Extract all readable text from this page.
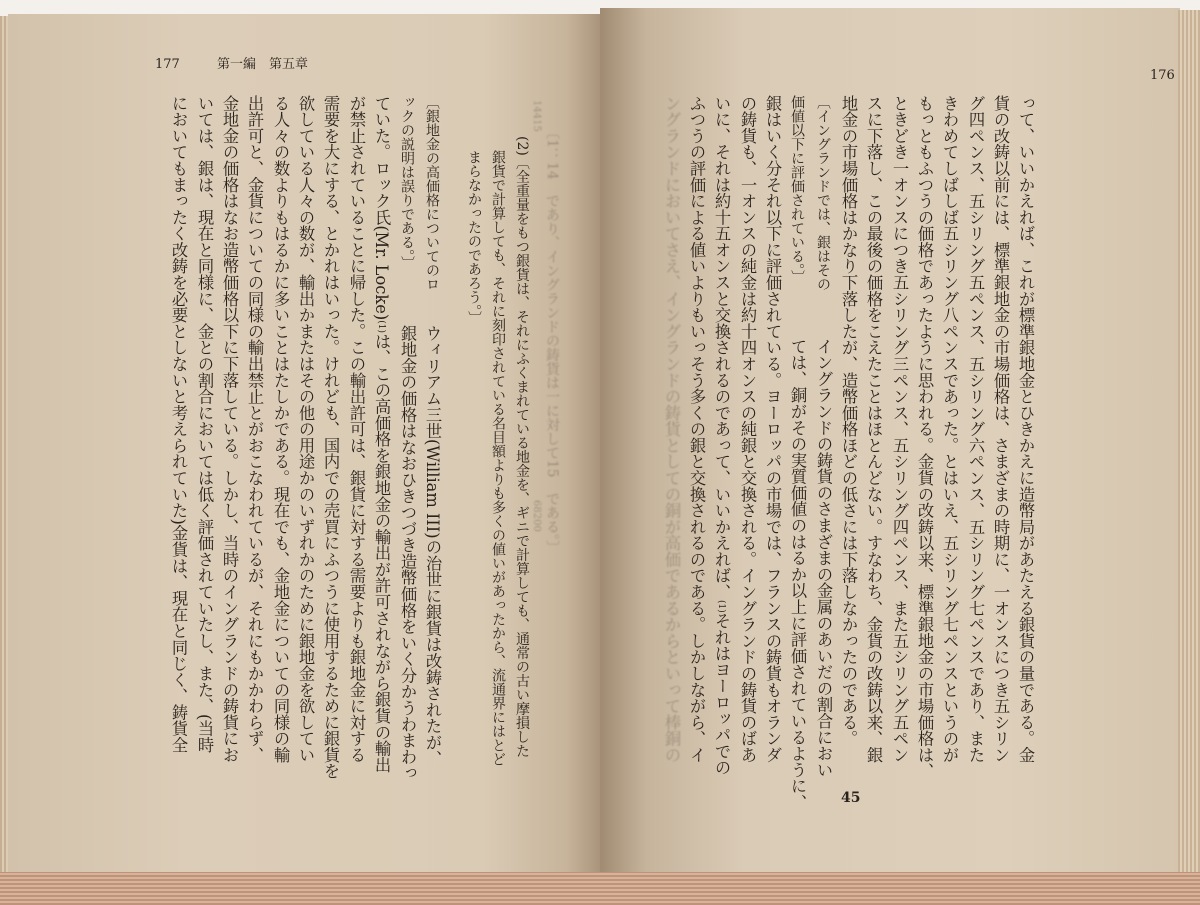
177	第一編　第五章
〔1：14　であり、イングランドの鋳貨は一に対して15　である。〕
14415
68200
(2)〔全重量をもつ銀貨は、それにふくまれている地金を、ギニで計算しても、通常の古い摩損した
銀貨で計算しても、それに刻印されている名目額よりも多くの値いがあったから、流通界にはとど
まらなかったのであろう。〕
〔銀地金の高価格についてのロ
ウィリアム三世(William III)の治世に銀貨は改鋳されたが、
ックの説明は誤りである。〕
銀地金の価格はなおひきつづき造幣価格をいく分かうわまわっ
ていた。ロック氏(Mr. Locke)(1)は、この高価格を銀地金の輸出が許可されながら銀貨の輸出
が禁止されていることに帰した。この輸出許可は、銀貨に対する需要よりも銀地金に対する
需要を大にする、とかれはいった。けれども、国内での売買にふつうに使用するために銀貨を
欲している人々の数が、輸出かまたはその他の用途かのいずれかのために銀地金を欲してい
る人々の数よりもはるかに多いことはたしかである。現在でも、金地金についての同様の輸
出許可と、金貨についての同様の輸出禁止とがおこなわれているが、それにもかかわらず、
金地金の価格はなお造幣価格以下に下落している。しかし、当時のイングランドの鋳貨にお
いては、銀は、現在と同様に、金との割合においては低く評価されていたし、また、(当時
においてもまったく改鋳を必要としないと考えられていた)金貨は、現在と同じく、鋳貨全
176
45
って、いいかえれば、これが標準銀地金とひきかえに造幣局があたえる銀貨の量である。金
貨の改鋳以前には、標準銀地金の市場価格は、さまざまの時期に、一オンスにつき五シリン
グ四ペンス、五シリング五ペンス、五シリング六ペンス、五シリング七ペンスであり、また
きわめてしばしば五シリング八ペンスであった。とはいえ、五シリング七ペンスというのが
もっともふつうの価格であったように思われる。金貨の改鋳以来、標準銀地金の市場価格は、
ときどき一オンスにつき五シリング三ペンス、五シリング四ペンス、また五シリング五ペン
スに下落し、この最後の価格をこえたことはほとんどない。すなわち、金貨の改鋳以来、銀
地金の市場価格はかなり下落したが、造幣価格ほどの低さには下落しなかったのである。
〔イングランドでは、銀はその
イングランドの鋳貨のさまざまの金属のあいだの割合におい
価値以下に評価されている。〕
ては、銅がその実質価値のはるか以上に評価されているように、
銀はいく分それ以下に評価されている。ヨーロッパの市場では、フランスの鋳貨もオランダ
の鋳貨も、一オンスの純金は約十四オンスの純銀と交換される。イングランドの鋳貨のばあ
いに、それは約十五オンスと交換されるのであって、いいかえれば、(1)それはヨーロッパでの
ふつうの評価による値いよりもいっそう多くの銀と交換されるのである。しかしながら、イ
ングランドにおいてさえ、イングランドの鋳貨としての銅が高価であるからといって棒銅の
